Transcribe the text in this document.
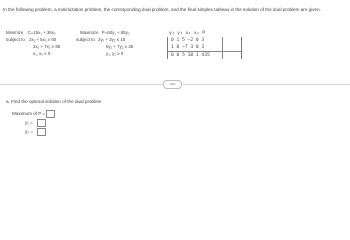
In the following problem, a minimization problem, the corresponding dual problem, and the final simplex tableau in the solution of the dual problem are given.
Minimize C=15x₁ + 36x₂
subject to 2x₁ + 5x₂ ≥ 60
3x₁ + 7x₂ ≥ 85
x₁, x₂ ≥ 0
Maximize P=60y₁ + 85y₂
subject to 2y₁ + 3y₂ ≤ 15
5y₁ + 7y₂ ≤ 36
y₁, y₂ ≥ 0
y₁ y₂ x₁ x₂ P
0 1 5 −2 0 3
1 0 −7 3 0 3
0 0 5 10 1 435
•••••
a. Find the optimal solution of the dual problem
Maximum of P =
y₁ =
y₂ =
